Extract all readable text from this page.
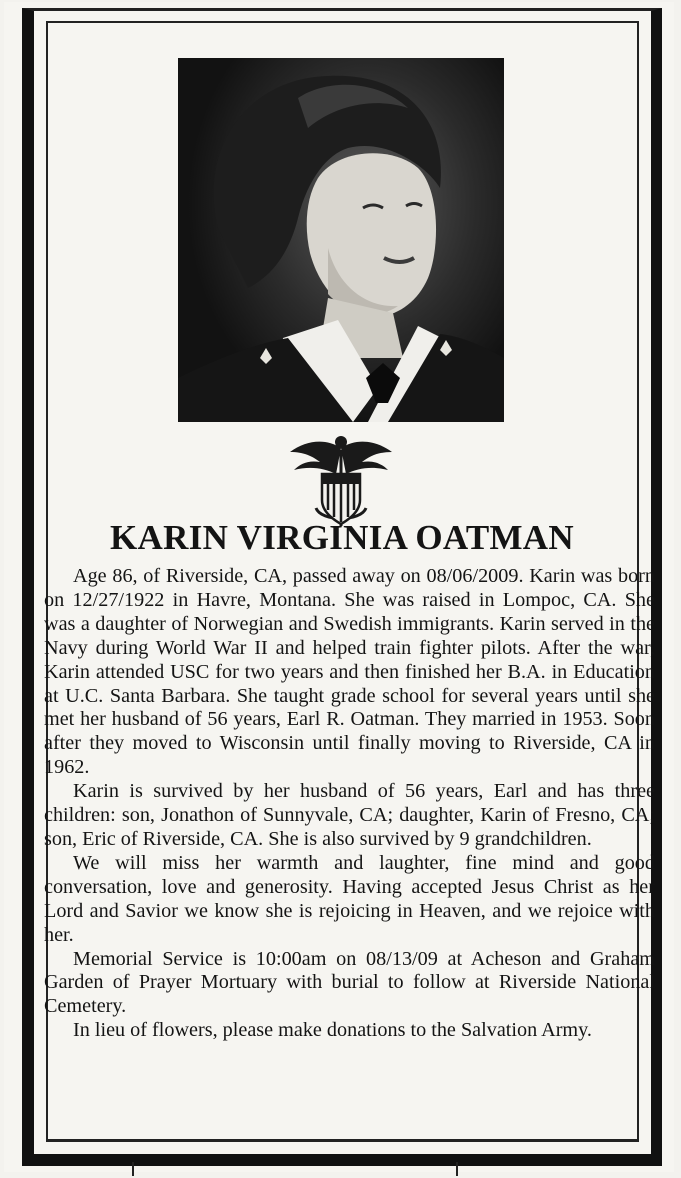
KARIN VIRGINIA OATMAN

Age 86, of Riverside, CA, passed away on 08/06/2009. Karin was born on 12/27/1922 in Havre, Montana. She was raised in Lompoc, CA. She was a daughter of Norwegian and Swedish immigrants. Karin served in the Navy during World War II and helped train fighter pilots. After the war, Karin attended USC for two years and then finished her B.A. in Education at U.C. Santa Barbara. She taught grade school for several years until she met her husband of 56 years, Earl R. Oatman. They married in 1953. Soon after they moved to Wisconsin until finally moving to Riverside, CA in 1962.

Karin is survived by her husband of 56 years, Earl and has three children: son, Jonathon of Sunnyvale, CA; daughter, Karin of Fresno, CA; son, Eric of Riverside, CA. She is also survived by 9 grandchildren.

We will miss her warmth and laughter, fine mind and good conversation, love and generosity. Having accepted Jesus Christ as her Lord and Savior we know she is rejoicing in Heaven, and we rejoice with her.

Memorial Service is 10:00am on 08/13/09 at Acheson and Graham Garden of Prayer Mortuary with burial to follow at Riverside National Cemetery.

In lieu of flowers, please make donations to the Salvation Army.
